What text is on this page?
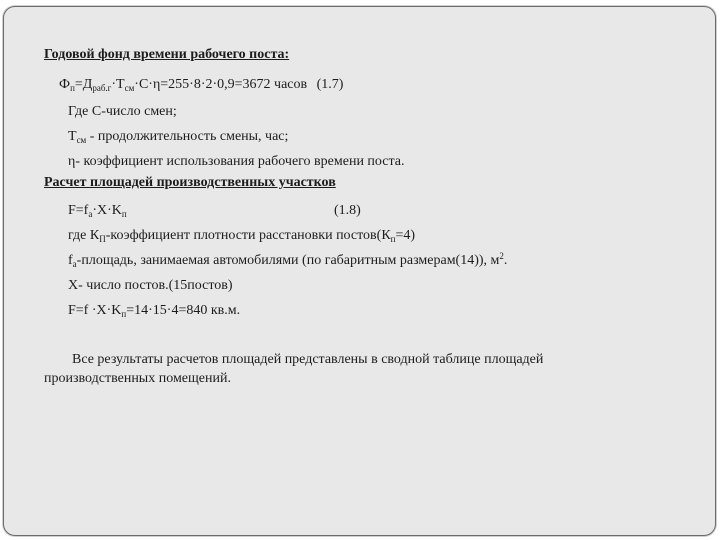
Годовой фонд времени рабочего поста:
$Ф_п=Д_{раб.г}\cdot Т_{см}\cdot С\cdot\eta=255\cdot 8\cdot 2\cdot 0,9=3672$ часов (1.7)
Где С-число смен;
$Т_{см}$ - продолжительность смены, час;
η- коэффициент использования рабочего времени поста.
Расчет площадей производственных участков
$F=f_а\cdot X\cdot K_п$	(1.8)
где $К_П$-коэффициент плотности расстановки $постов(К_п=4)$
$f_а$-площадь, занимаемая автомобилями (по габаритным размерам(14)), $м^2$.
Х- число постов.(15постов)
$F=f \cdot X\cdot K_п=14\cdot 15\cdot 4=840$ кв.м.
Все результаты расчетов площадей представлены в сводной таблице площадей
производственных помещений.
